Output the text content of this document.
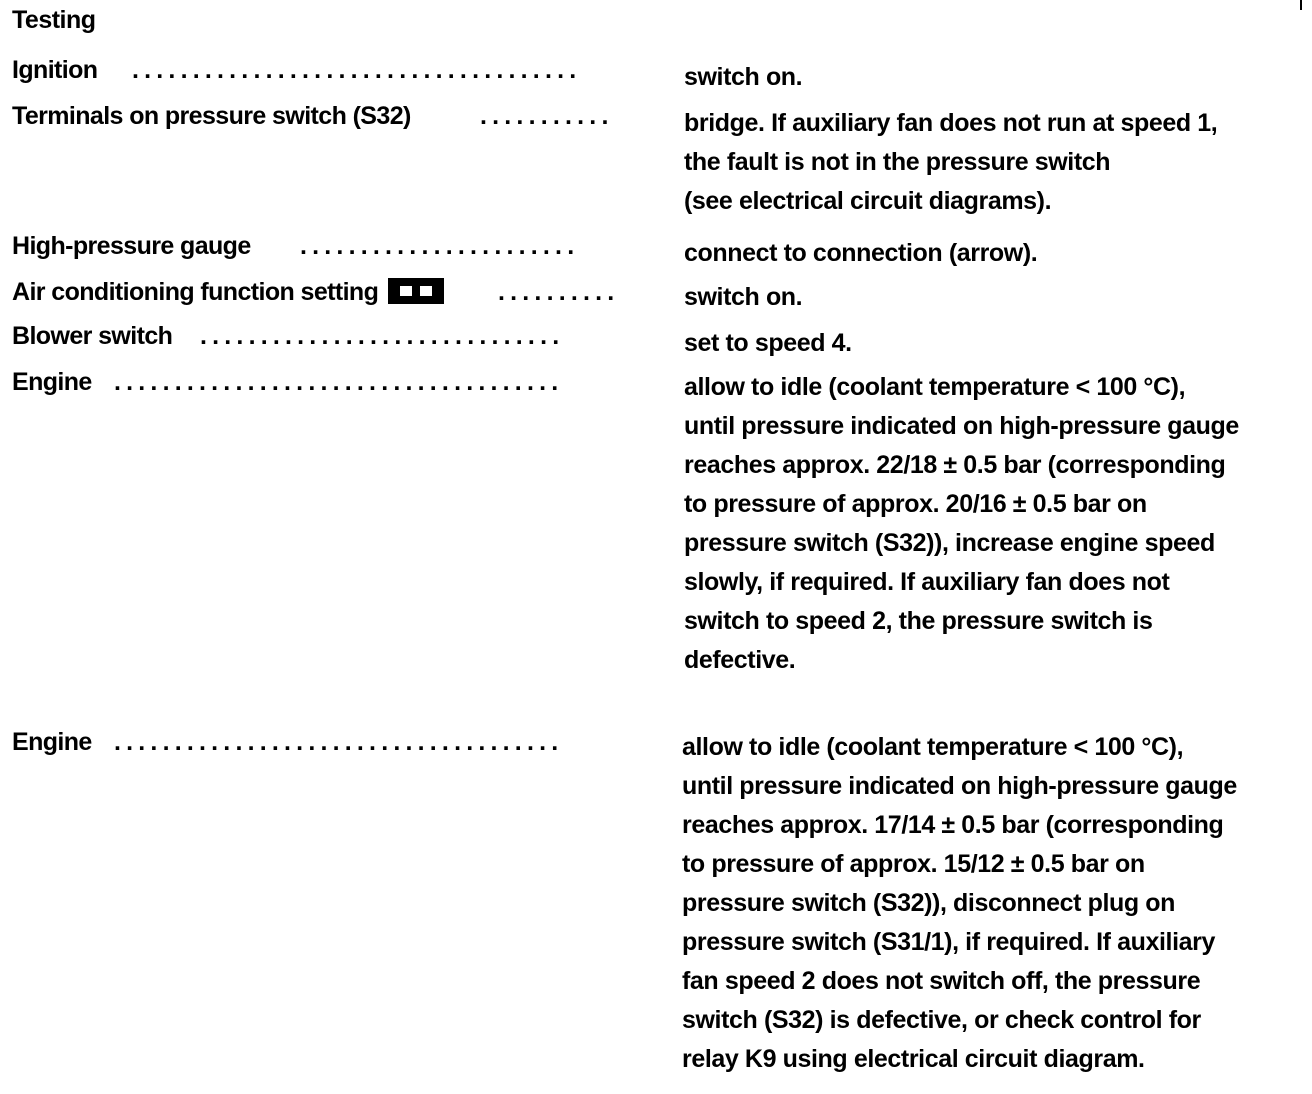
Testing
Ignition .....................................	switch on.
Terminals on pressure switch (S32)	...........	bridge. If auxiliary fan does not run at speed 1,
the fault is not in the pressure switch
(see electrical circuit diagrams).
High-pressure gauge .......................	connect to connection (arrow).
Air conditioning function setting	..........	switch on.
Blower switch ..............................	set to speed 4.
Engine .....................................	allow to idle (coolant temperature < 100 °C),
until pressure indicated on high-pressure gauge
reaches approx. 22/18 ± 0.5 bar (corresponding
to pressure of approx. 20/16 ± 0.5 bar on
pressure switch (S32)), increase engine speed
slowly, if required. If auxiliary fan does not
switch to speed 2, the pressure switch is
defective.
Engine .....................................	allow to idle (coolant temperature < 100 °C),
until pressure indicated on high-pressure gauge
reaches approx. 17/14 ± 0.5 bar (corresponding
to pressure of approx. 15/12 ± 0.5 bar on
pressure switch (S32)), disconnect plug on
pressure switch (S31/1), if required. If auxiliary
fan speed 2 does not switch off, the pressure
switch (S32) is defective, or check control for
relay K9 using electrical circuit diagram.
